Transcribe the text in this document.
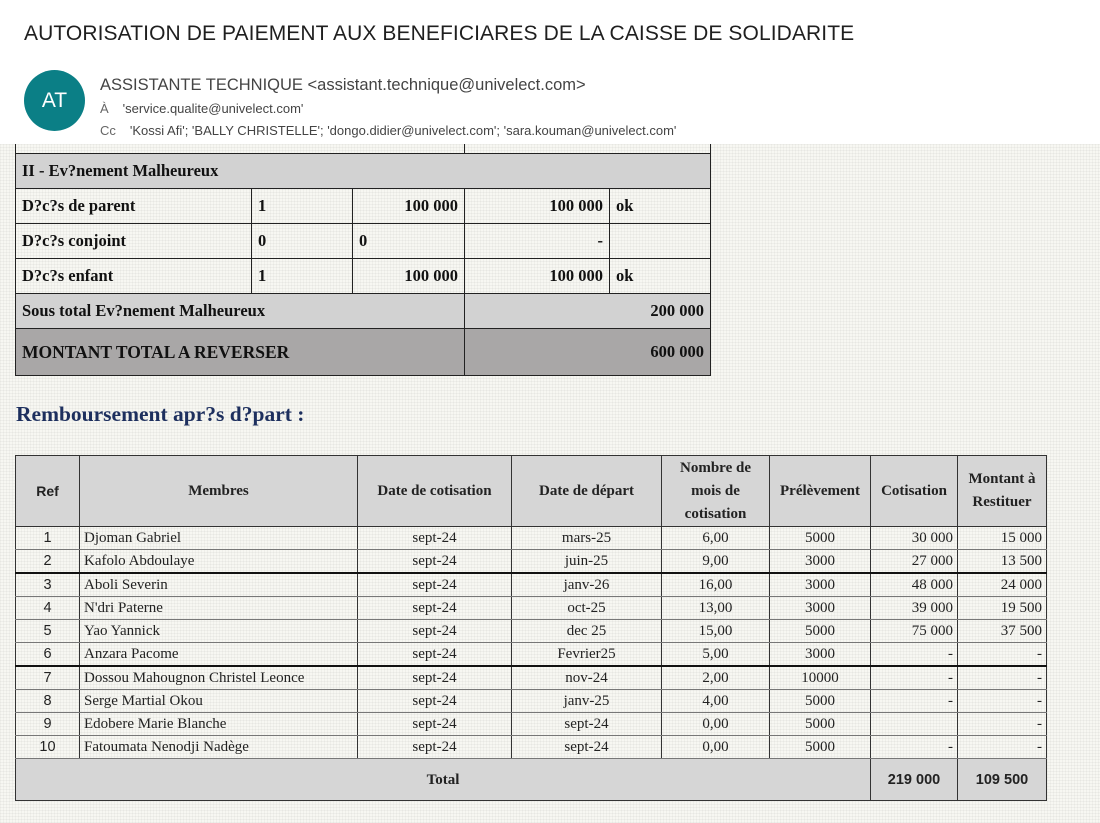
AUTORISATION DE PAIEMENT AUX BENEFICIARES DE LA CAISSE DE SOLIDARITE
AT
ASSISTANTE TECHNIQUE <assistant.technique@univelect.com>
À 'service.qualite@univelect.com'
Cc 'Kossi Afi'; 'BALLY CHRISTELLE'; 'dongo.didier@univelect.com'; 'sara.kouman@univelect.com'

II - Ev?nement Malheureux				
D?c?s de parent	1	100 000	100 000	ok
D?c?s conjoint	0	0	-	
D?c?s enfant	1	100 000	100 000	ok
Sous total Ev?nement Malheureux			200 000	
MONTANT TOTAL A REVERSER			600 000	
Remboursement apr?s d?part :
Ref	Membres	Date de cotisation	Date de départ	Nombre de mois de cotisation	Prélèvement	Cotisation	Montant à Restituer
1	Djoman Gabriel	sept-24	mars-25	6,00	5000	30 000	15 000
2	Kafolo Abdoulaye	sept-24	juin-25	9,00	3000	27 000	13 500
3	Aboli Severin	sept-24	janv-26	16,00	3000	48 000	24 000
4	N'dri Paterne	sept-24	oct-25	13,00	3000	39 000	19 500
5	Yao Yannick	sept-24	dec 25	15,00	5000	75 000	37 500
6	Anzara Pacome	sept-24	Fevrier25	5,00	3000	-	-
7	Dossou Mahougnon Christel Leonce	sept-24	nov-24	2,00	10000	-	-
8	Serge Martial Okou	sept-24	janv-25	4,00	5000	-	-
9	Edobere Marie Blanche	sept-24	sept-24	0,00	5000		-
10	Fatoumata Nenodji Nadège	sept-24	sept-24	0,00	5000	-	-
Total						219 000	109 500
